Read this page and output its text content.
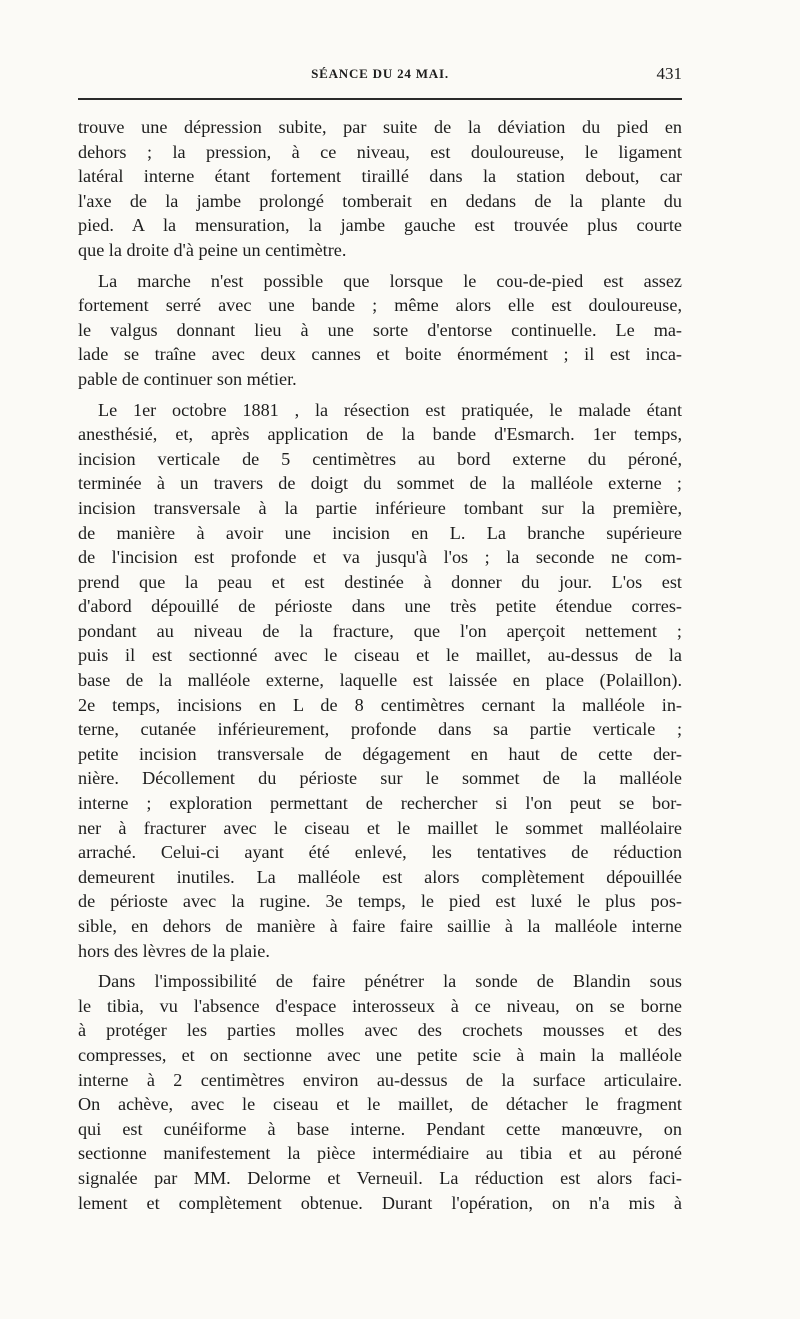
SÉANCE DU 24 MAI.	431
trouve une dépression subite, par suite de la déviation du pied en
dehors ; la pression, à ce niveau, est douloureuse, le ligament
latéral interne étant fortement tiraillé dans la station debout, car
l'axe de la jambe prolongé tomberait en dedans de la plante du
pied. A la mensuration, la jambe gauche est trouvée plus courte
que la droite d'à peine un centimètre.
La marche n'est possible que lorsque le cou-de-pied est assez
fortement serré avec une bande ; même alors elle est douloureuse,
le valgus donnant lieu à une sorte d'entorse continuelle. Le ma-
lade se traîne avec deux cannes et boite énormément ; il est inca-
pable de continuer son métier.
Le 1er octobre 1881 , la résection est pratiquée, le malade étant
anesthésié, et, après application de la bande d'Esmarch. 1er temps,
incision verticale de 5 centimètres au bord externe du péroné,
terminée à un travers de doigt du sommet de la malléole externe ;
incision transversale à la partie inférieure tombant sur la première,
de manière à avoir une incision en L. La branche supérieure
de l'incision est profonde et va jusqu'à l'os ; la seconde ne com-
prend que la peau et est destinée à donner du jour. L'os est
d'abord dépouillé de périoste dans une très petite étendue corres-
pondant au niveau de la fracture, que l'on aperçoit nettement ;
puis il est sectionné avec le ciseau et le maillet, au-dessus de la
base de la malléole externe, laquelle est laissée en place (Polaillon).
2e temps, incisions en L de 8 centimètres cernant la malléole in-
terne, cutanée inférieurement, profonde dans sa partie verticale ;
petite incision transversale de dégagement en haut de cette der-
nière. Décollement du périoste sur le sommet de la malléole
interne ; exploration permettant de rechercher si l'on peut se bor-
ner à fracturer avec le ciseau et le maillet le sommet malléolaire
arraché. Celui-ci ayant été enlevé, les tentatives de réduction
demeurent inutiles. La malléole est alors complètement dépouillée
de périoste avec la rugine. 3e temps, le pied est luxé le plus pos-
sible, en dehors de manière à faire faire saillie à la malléole interne
hors des lèvres de la plaie.
Dans l'impossibilité de faire pénétrer la sonde de Blandin sous
le tibia, vu l'absence d'espace interosseux à ce niveau, on se borne
à protéger les parties molles avec des crochets mousses et des
compresses, et on sectionne avec une petite scie à main la malléole
interne à 2 centimètres environ au-dessus de la surface articulaire.
On achève, avec le ciseau et le maillet, de détacher le fragment
qui est cunéiforme à base interne. Pendant cette manœuvre, on
sectionne manifestement la pièce intermédiaire au tibia et au péroné
signalée par MM. Delorme et Verneuil. La réduction est alors faci-
lement et complètement obtenue. Durant l'opération, on n'a mis à
